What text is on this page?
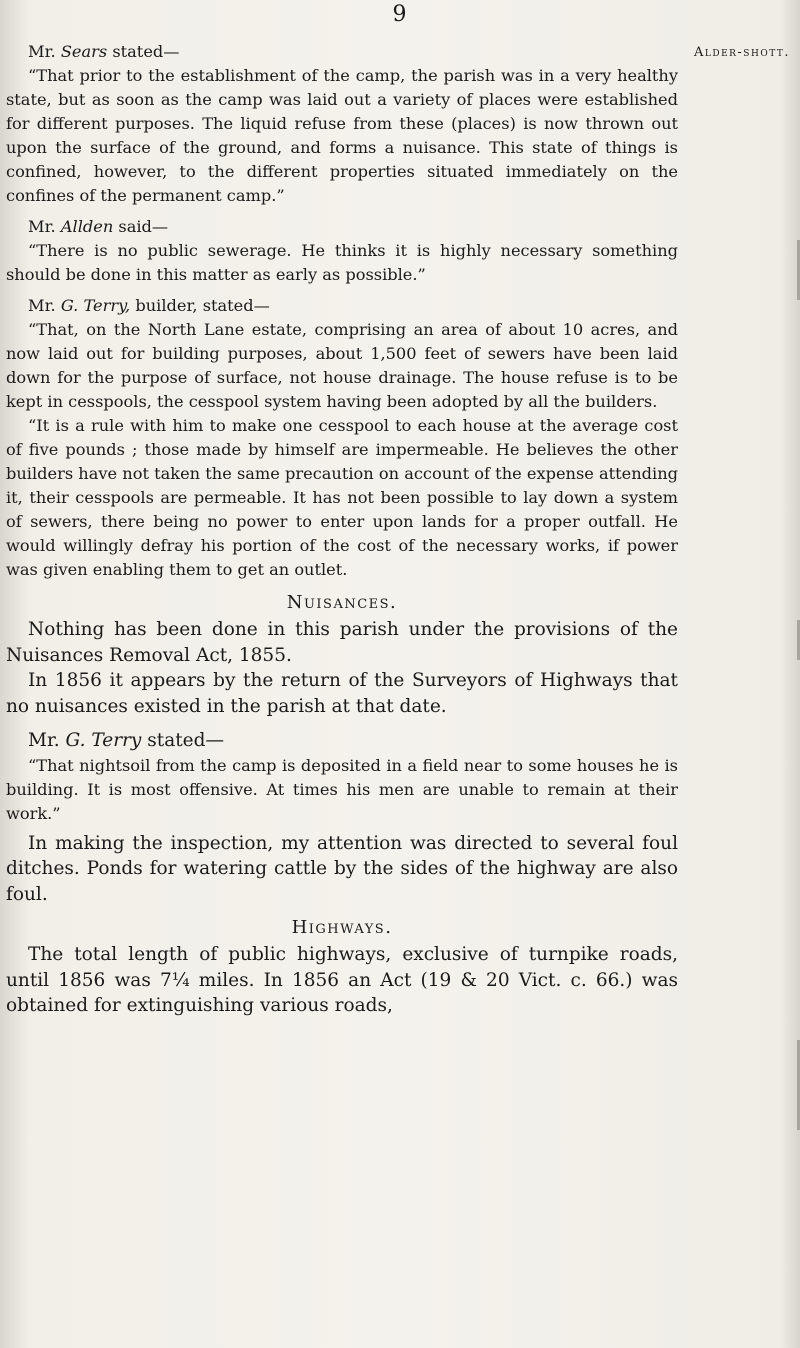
9
Alder-shott.

Mr. Sears stated—

“That prior to the establishment of the camp, the parish was in a very healthy state, but as soon as the camp was laid out a variety of places were established for different purposes. The liquid refuse from these (places) is now thrown out upon the surface of the ground, and forms a nuisance. This state of things is confined, however, to the different properties situated immediately on the confines of the permanent camp.”

Mr. Allden said—

“There is no public sewerage. He thinks it is highly necessary something should be done in this matter as early as possible.”

Mr. G. Terry, builder, stated—

“That, on the North Lane estate, comprising an area of about 10 acres, and now laid out for building purposes, about 1,500 feet of sewers have been laid down for the purpose of surface, not house drainage. The house refuse is to be kept in cesspools, the cesspool system having been adopted by all the builders.

“It is a rule with him to make one cesspool to each house at the average cost of five pounds ; those made by himself are impermeable. He believes the other builders have not taken the same precaution on account of the expense attending it, their cesspools are permeable. It has not been possible to lay down a system of sewers, there being no power to enter upon lands for a proper outfall. He would willingly defray his portion of the cost of the necessary works, if power was given enabling them to get an outlet.

Nuisances.

Nothing has been done in this parish under the provisions of the Nuisances Removal Act, 1855.

In 1856 it appears by the return of the Surveyors of Highways that no nuisances existed in the parish at that date.

Mr. G. Terry stated—

“That nightsoil from the camp is deposited in a field near to some houses he is building. It is most offensive. At times his men are unable to remain at their work.”

In making the inspection, my attention was directed to several foul ditches. Ponds for watering cattle by the sides of the highway are also foul.

Highways.

The total length of public highways, exclusive of turnpike roads, until 1856 was 7¼ miles. In 1856 an Act (19 & 20 Vict. c. 66.) was obtained for extinguishing various roads,
